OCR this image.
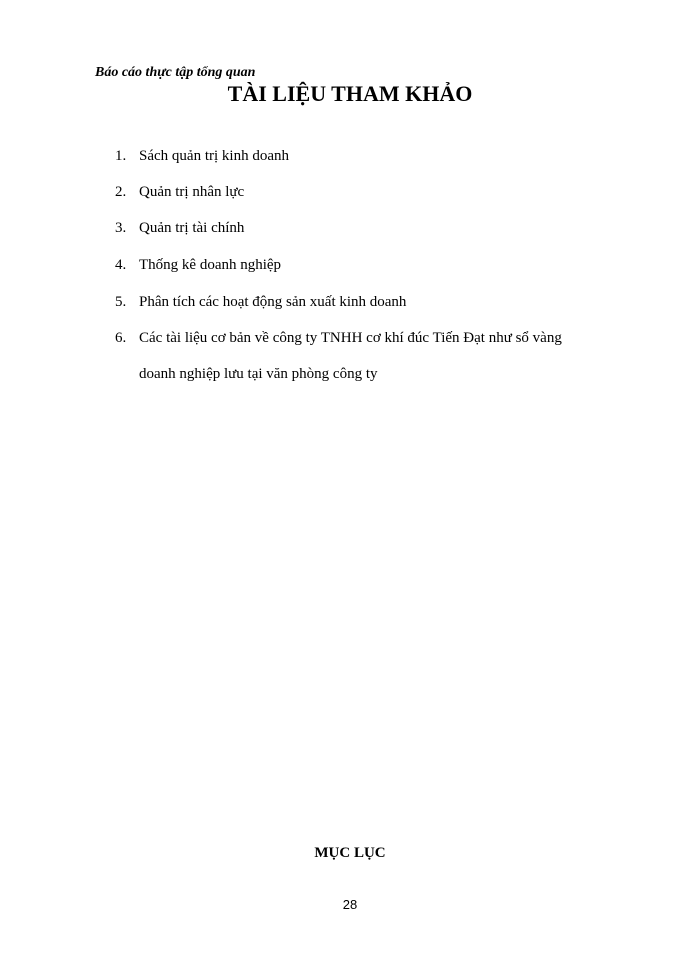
Báo cáo thực tập tổng quan
TÀI LIỆU THAM KHẢO
1. Sách quản trị kinh doanh
2. Quản trị nhân lực
3. Quản trị tài chính
4. Thống kê doanh nghiệp
5. Phân tích các hoạt động sản xuất kinh doanh
6. Các tài liệu cơ bản về công ty TNHH cơ khí đúc Tiến Đạt như sổ vàng
doanh nghiệp lưu tại văn phòng công ty
MỤC LỤC
28
